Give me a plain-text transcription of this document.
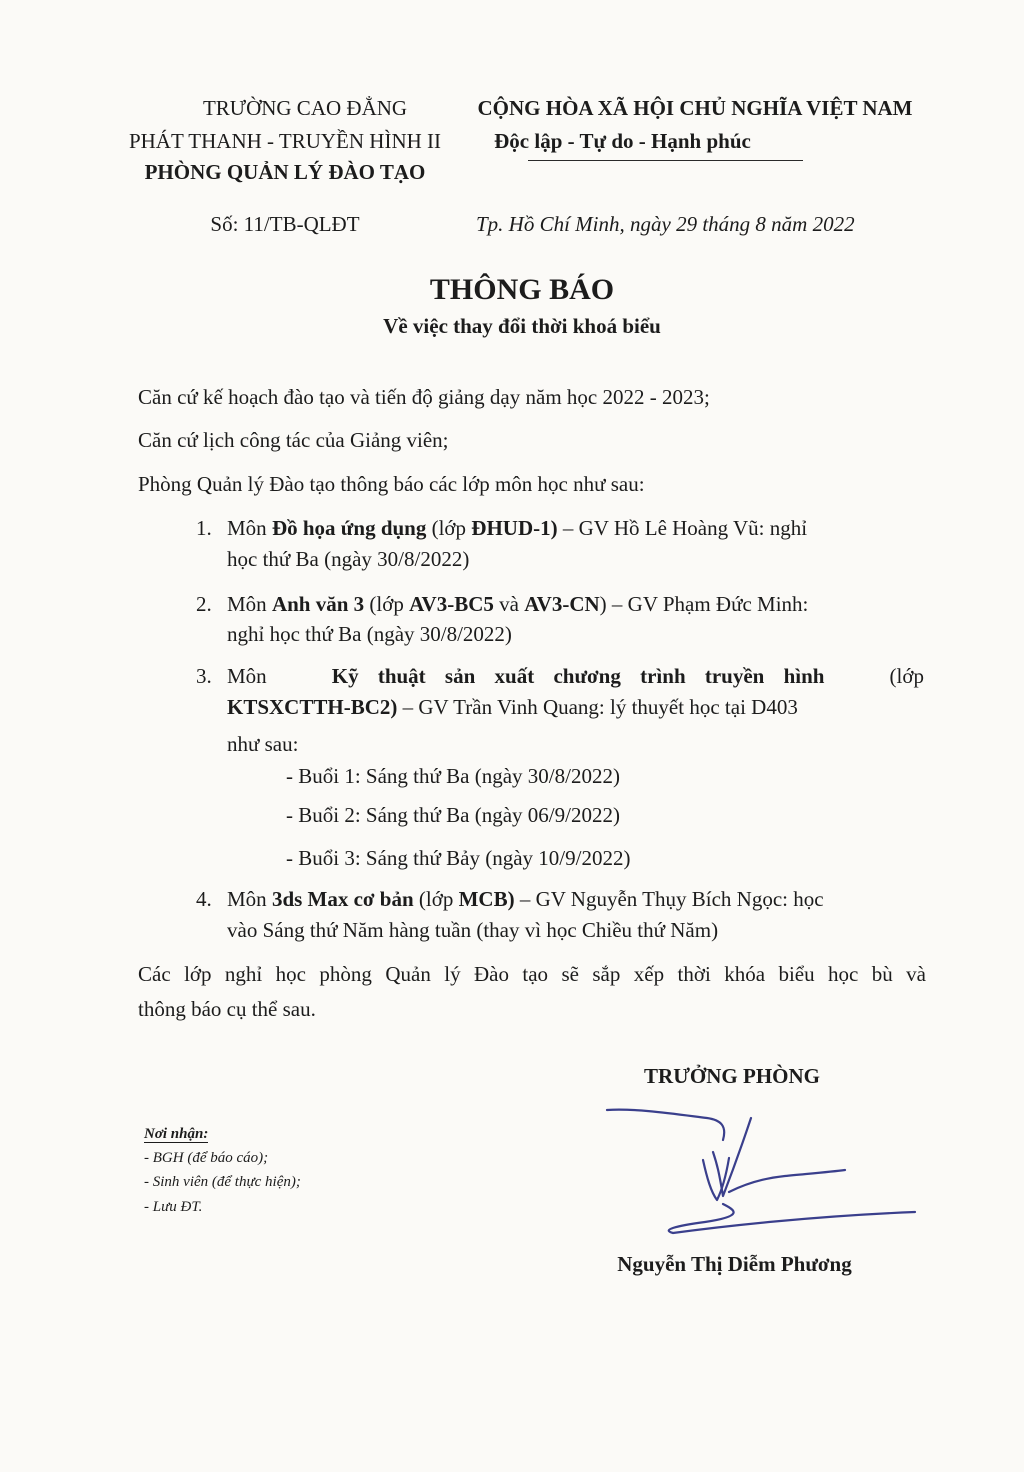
TRƯỜNG CAO ĐẲNG
PHÁT THANH - TRUYỀN HÌNH II
PHÒNG QUẢN LÝ ĐÀO TẠO
CỘNG HÒA XÃ HỘI CHỦ NGHĨA VIỆT NAM
Độc lập - Tự do - Hạnh phúc
Số: 11/TB-QLĐT	Tp. Hồ Chí Minh, ngày 29 tháng 8 năm 2022
THÔNG BÁO
Về việc thay đổi thời khoá biểu
Căn cứ kế hoạch đào tạo và tiến độ giảng dạy năm học 2022 - 2023;
Căn cứ lịch công tác của Giảng viên;
Phòng Quản lý Đào tạo thông báo các lớp môn học như sau:
1. Môn Đồ họa ứng dụng (lớp ĐHUD-1) – GV Hồ Lê Hoàng Vũ: nghỉ
học thứ Ba (ngày 30/8/2022)
2. Môn Anh văn 3 (lớp AV3-BC5 và AV3-CN) – GV Phạm Đức Minh:
nghỉ học thứ Ba (ngày 30/8/2022)
3. Môn	Kỹ thuật sản xuất chương trình truyền hình	(lớp
KTSXCTTH-BC2) – GV Trần Vinh Quang: lý thuyết học tại D403
như sau:
- Buổi 1: Sáng thứ Ba (ngày 30/8/2022)
- Buổi 2: Sáng thứ Ba (ngày 06/9/2022)
- Buổi 3: Sáng thứ Bảy (ngày 10/9/2022)
4. Môn 3ds Max cơ bản (lớp MCB) – GV Nguyễn Thụy Bích Ngọc: học
vào Sáng thứ Năm hàng tuần (thay vì học Chiều thứ Năm)
Các lớp nghỉ học phòng Quản lý Đào tạo sẽ sắp xếp thời khóa biểu học bù và
thông báo cụ thể sau.
TRƯỞNG PHÒNG
Nguyễn Thị Diễm Phương
Nơi nhận:
- BGH (để báo cáo);
- Sinh viên (để thực hiện);
- Lưu ĐT.
